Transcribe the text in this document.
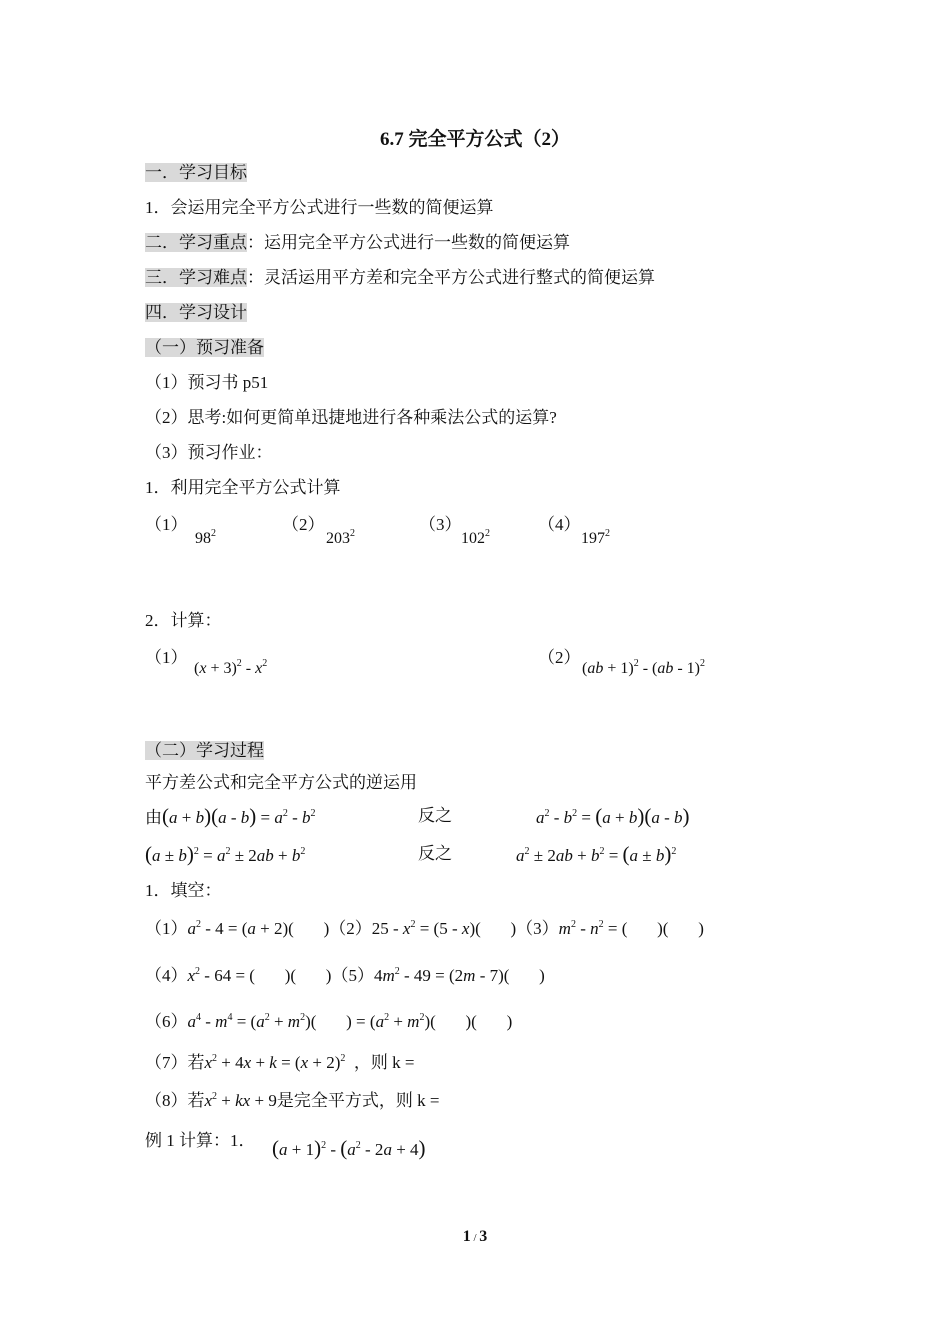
6.7 完全平方公式（2）
一．学习目标
1．会运用完全平方公式进行一些数的简便运算
二．学习重点：运用完全平方公式进行一些数的简便运算
三．学习难点：灵活运用平方差和完全平方公式进行整式的简便运算
四．学习设计
（一）预习准备
（1）预习书 p51
（2）思考:如何更简单迅捷地进行各种乘法公式的运算?
（3）预习作业：
1．利用完全平方公式计算
（1）
$98^2$	（2）
$203^2$	（3）
$102^2$	（4）
$197^2$
2．计算：
（1）
$(x + 3)^2 - x^2$	（2）
(ab + 1)$^2$ - (ab - 1)$^2$
（二）学习过程
平方差公式和完全平方公式的逆运用
由$(a + b)(a - b) = a^2 - b^2$	反之	$a^2 - b^2 = (a + b)(a - b)$
$(a \pm b)^2 = a^2 \pm 2ab + b^2$	反之	$a^2 \pm 2ab + b^2 = (a \pm b)^2$
1．填空：
$(1)a^2 - 4 = (a + 2)$(       )$(2)25 - x^2 = (5 - x)$(       )$(3)m^2 - n^2$ = (       )(       )
$(4)x^2 - 64$ = (       )(       )$(5)4m^2 - 49 = (2m - 7)$(       )
$(6)a^4 - m^4 = (a^2 + m^2)$(       ) = $(a^2 + m^2)$(       )(       )
（7）若$x^2 + 4x + k = (x + 2)^2$ ，则 k =
（8）若$x^2$ + kx + 9是完全平方式，则 k =
例 1 计算：1． $(a + 1)^2 - (a^2 - 2a + 4)$
1 / 3
